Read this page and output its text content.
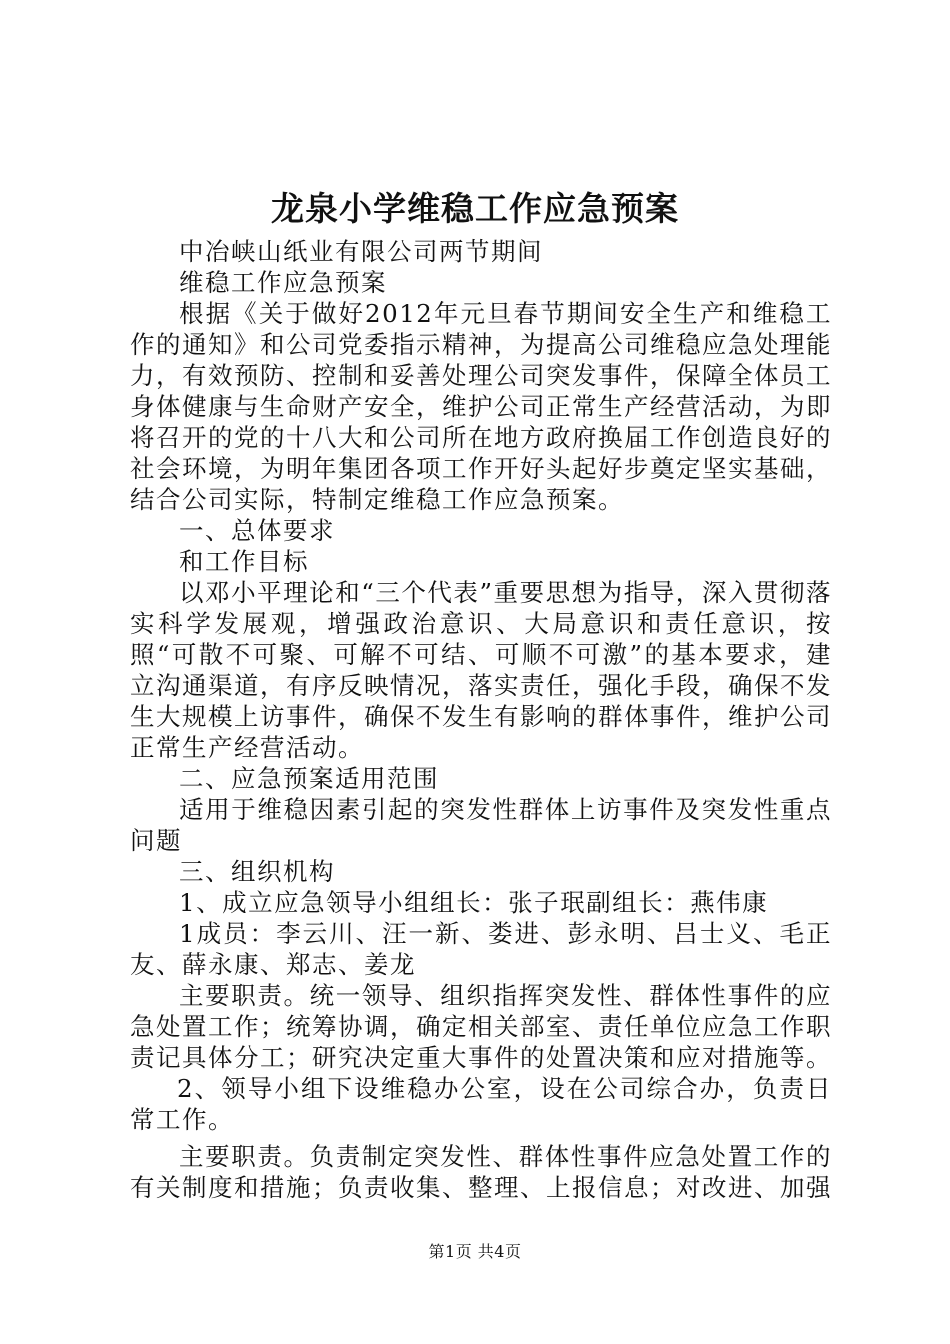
龙泉小学维稳工作应急预案

中冶峡山纸业有限公司两节期间

维稳工作应急预案

根据《关于做好2012年元旦春节期间安全生产和维稳工作的通知》和公司党委指示精神，为提高公司维稳应急处理能力，有效预防、控制和妥善处理公司突发事件，保障全体员工身体健康与生命财产安全，维护公司正常生产经营活动，为即将召开的党的十八大和公司所在地方政府换届工作创造良好的社会环境，为明年集团各项工作开好头起好步奠定坚实基础，结合公司实际，特制定维稳工作应急预案。

一、总体要求

和工作目标

以邓小平理论和“三个代表”重要思想为指导，深入贯彻落实科学发展观，增强政治意识、大局意识和责任意识，按照“可散不可聚、可解不可结、可顺不可激”的基本要求，建立沟通渠道，有序反映情况，落实责任，强化手段，确保不发生大规模上访事件，确保不发生有影响的群体事件，维护公司正常生产经营活动。

二、应急预案适用范围

适用于维稳因素引起的突发性群体上访事件及突发性重点问题

三、组织机构

1、成立应急领导小组组长：张子珉副组长：燕伟康

1成员：李云川、汪一新、娄进、彭永明、吕士义、毛正友、薛永康、郑志、姜龙

主要职责。统一领导、组织指挥突发性、群体性事件的应急处置工作；统筹协调，确定相关部室、责任单位应急工作职责记具体分工；研究决定重大事件的处置决策和应对措施等。

2、领导小组下设维稳办公室，设在公司综合办，负责日常工作。

主要职责。负责制定突发性、群体性事件应急处置工作的有关制度和措施；负责收集、整理、上报信息；对改进、加强

第1页 共4页
